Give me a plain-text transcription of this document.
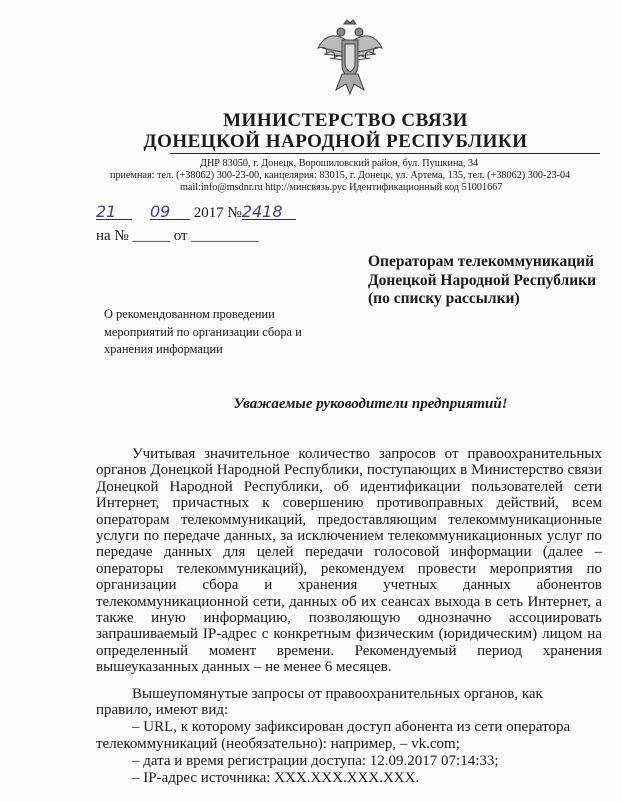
МИНИСТЕРСТВО СВЯЗИ
ДОНЕЦКОЙ НАРОДНОЙ РЕСПУБЛИКИ
ДНР 83050, г. Донецк, Ворошиловский район, бул. Пушкина, 34
приемная: тел. (+38062) 300-23-00, канцелярия: 83015, г. Донецк, ул. Артема, 135, тел. (+38062) 300-23-04
mail:info@msdnr.ru http://минсвязь.рус Идентификационный код 51001667
21 09 2017 №2418
на № _____ от _________
Операторам телекоммуникаций
Донецкой Народной Республики
(по списку рассылки)
О рекомендованном проведении мероприятий по организации сбора и хранения информации
Уважаемые руководители предприятий!

Учитывая значительное количество запросов от правоохранительных органов Донецкой Народной Республики, поступающих в Министерство связи Донецкой Народной Республики, об идентификации пользователей сети Интернет, причастных к совершению противоправных действий, всем операторам телекоммуникаций, предоставляющим телекоммуникационные услуги по передаче данных, за исключением телекоммуникационных услуг по передаче данных для целей передачи голосовой информации (далее – операторы телекоммуникаций), рекомендуем провести мероприятия по организации сбора и хранения учетных данных абонентов телекоммуникационной сети, данных об их сеансах выхода в сеть Интернет, а также иную информацию, позволяющую однозначно ассоциировать запрашиваемый IP-адрес с конкретным физическим (юридическим) лицом на определенный момент времени. Рекомендуемый период хранения вышеуказанных данных – не менее 6 месяцев.

Вышеупомянутые запросы от правоохранительных органов, как
правило, имеют вид:
– URL, к которому зафиксирован доступ абонента из сети оператора
телекоммуникаций (необязательно): например, – vk.com;
– дата и время регистрации доступа: 12.09.2017 07:14:33;
– IP-адрес источника: XXX.XXX.XXX.XXX.
